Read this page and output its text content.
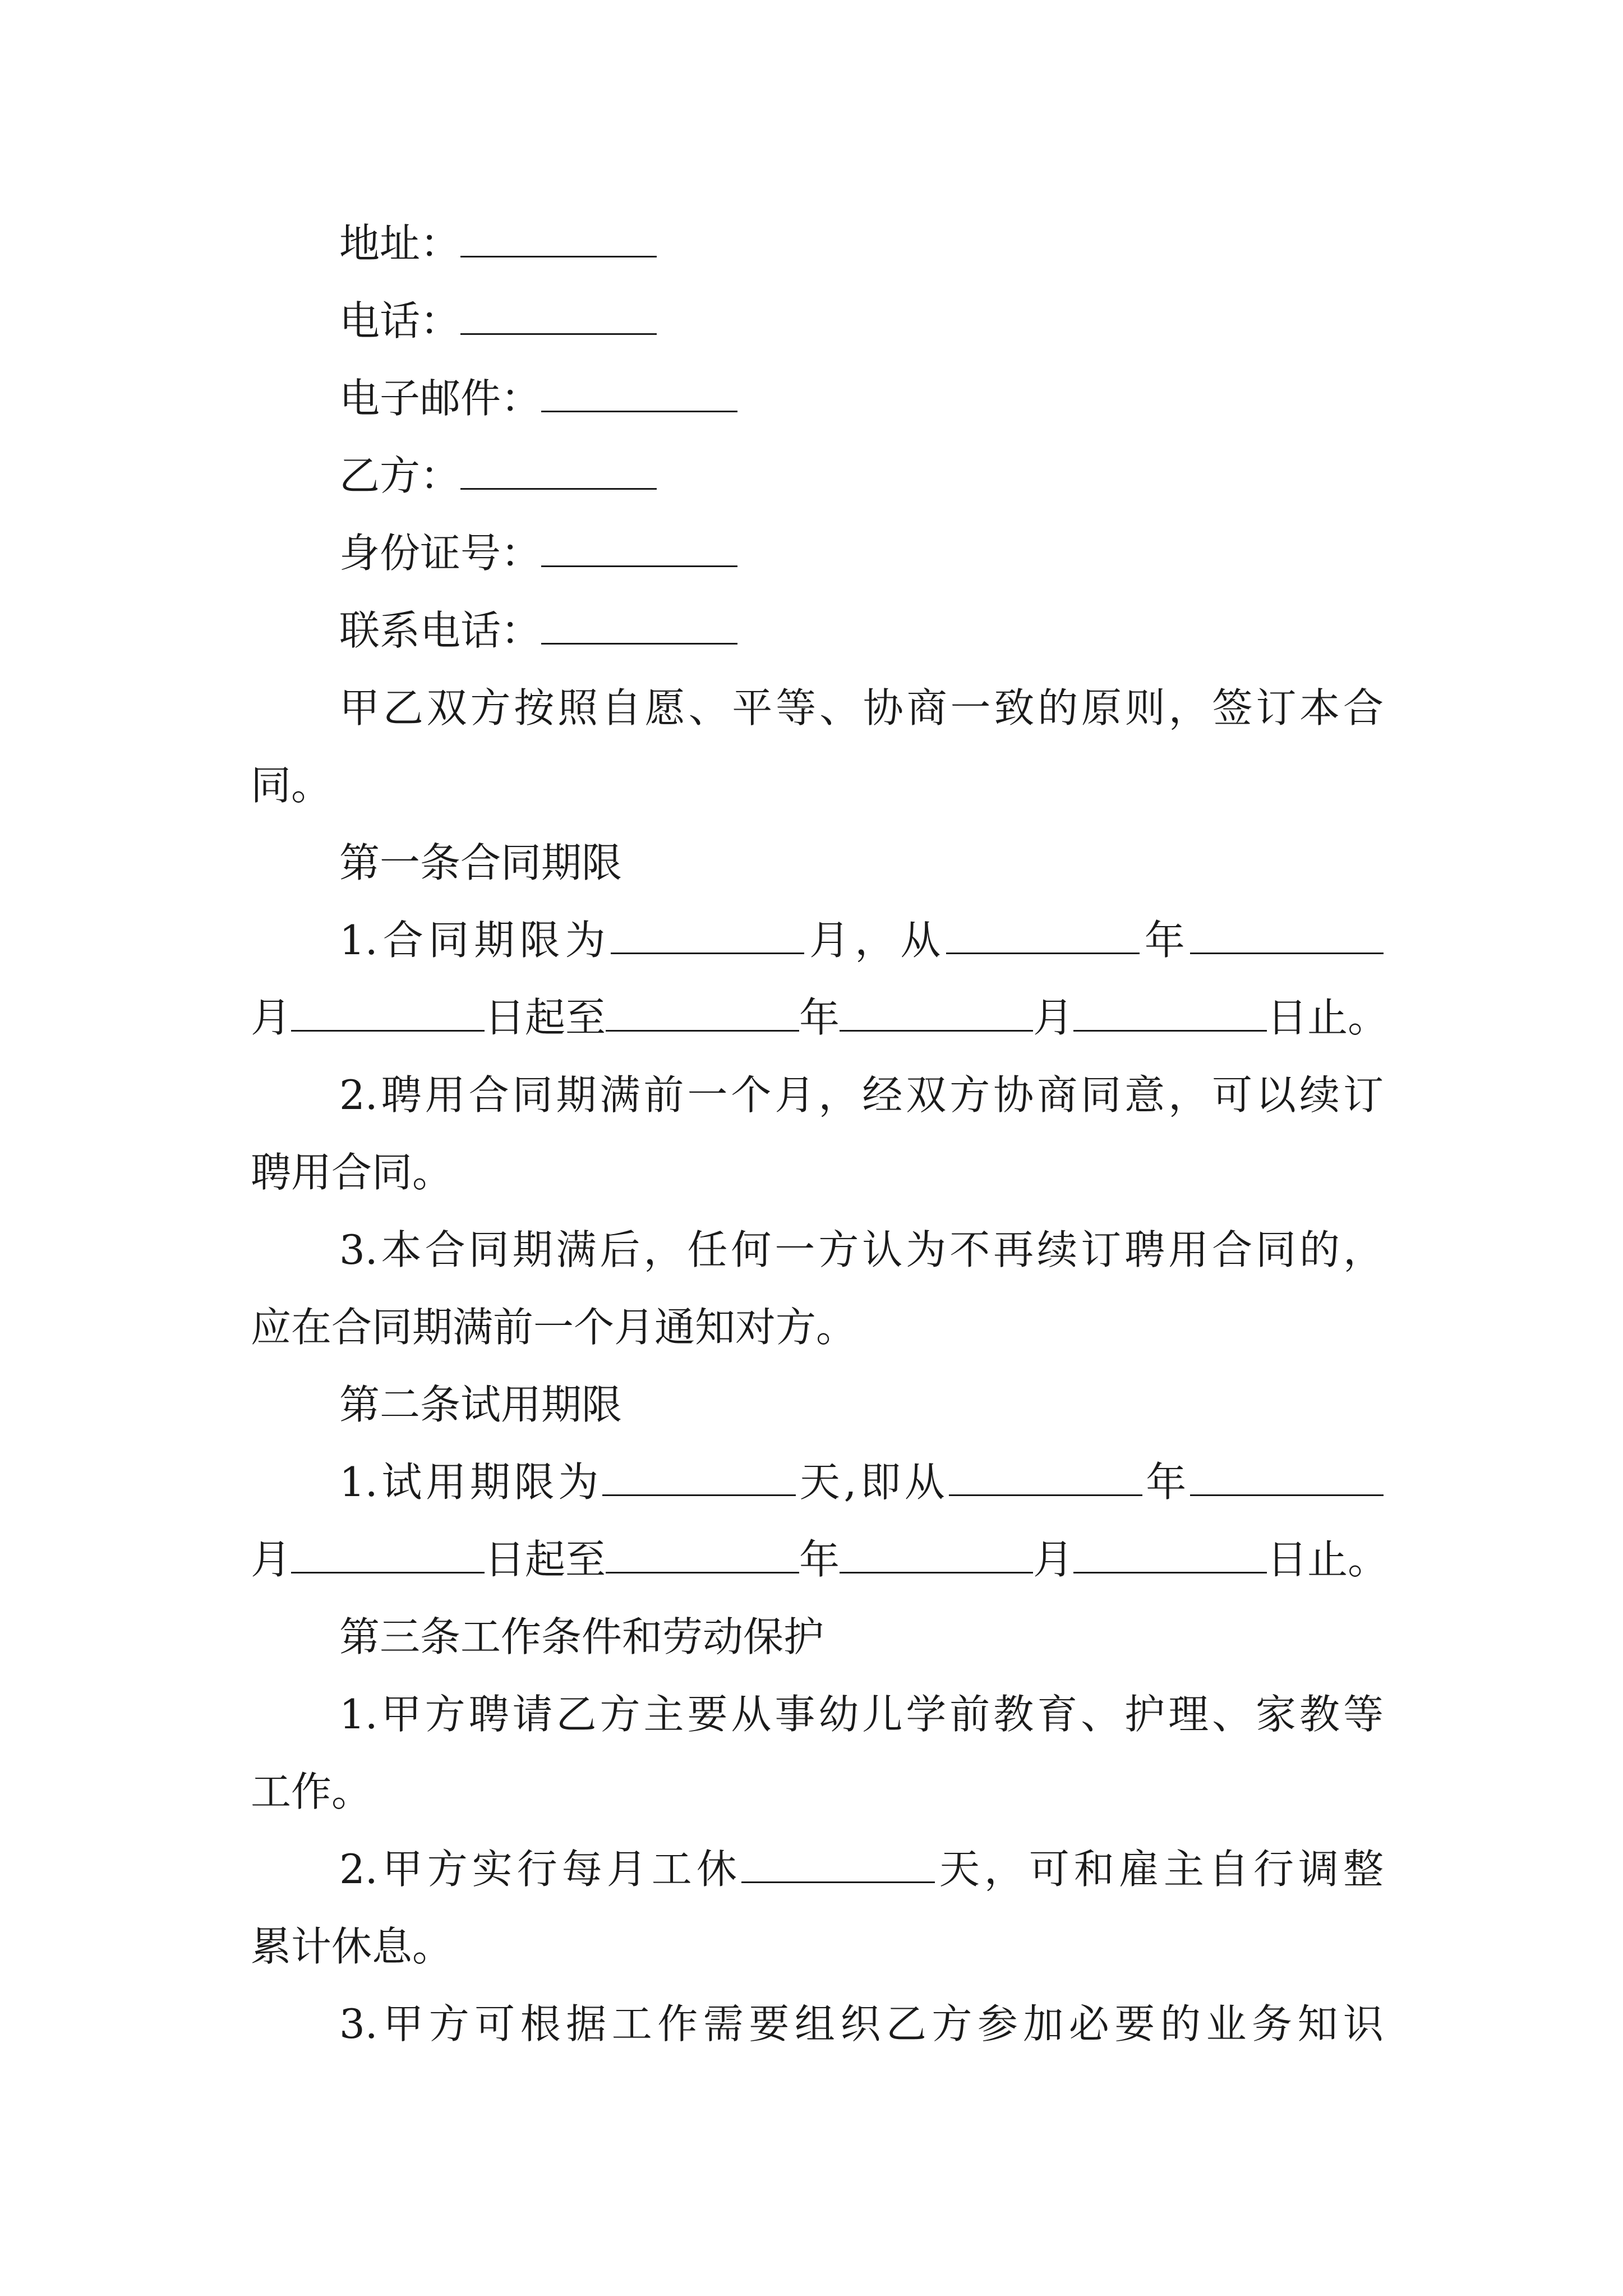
地址：

电话：

电子邮件：

乙方：

身份证号：

联系电话：

甲乙双方按照自愿、平等、协商一致的原则，签订本合

同。

第一条合同期限

1.合同期限为	月，从	年

月	日起至	年	月	日止。

2.聘用合同期满前一个月，经双方协商同意，可以续订

聘用合同。

3.本合同期满后，任何一方认为不再续订聘用合同的，

应在合同期满前一个月通知对方。

第二条试用期限

1.试用期限为	天,即从	年

月	日起至	年	月	日止。

第三条工作条件和劳动保护

1.甲方聘请乙方主要从事幼儿学前教育、护理、家教等

工作。

2.甲方实行每月工休	天，可和雇主自行调整

累计休息。

3.甲方可根据工作需要组织乙方参加必要的业务知识
